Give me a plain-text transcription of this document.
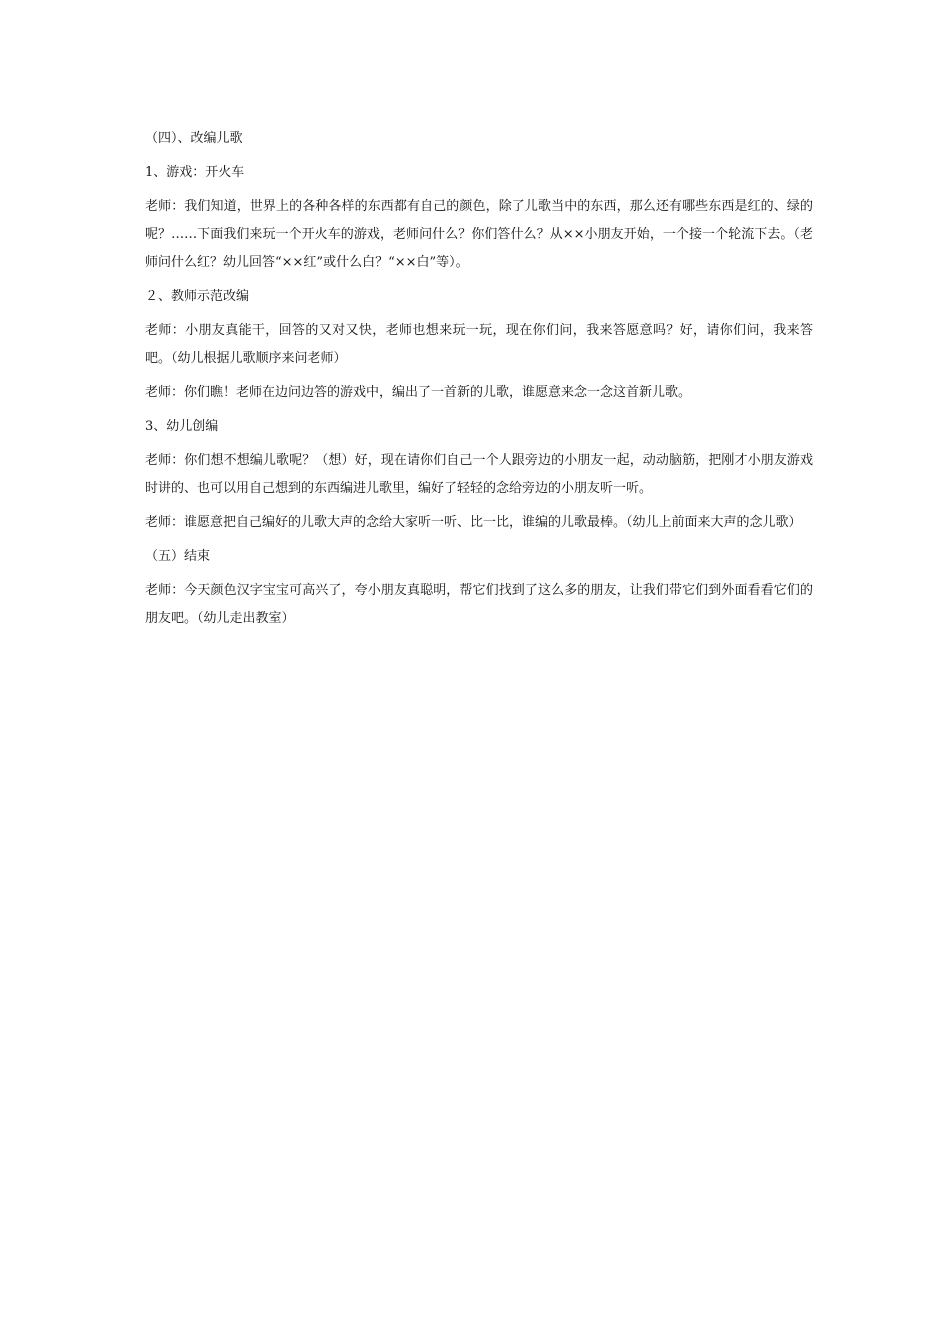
（四）、改编儿歌

1、游戏：开火车

老师：我们知道，世界上的各种各样的东西都有自己的颜色，除了儿歌当中的东西，那么还有哪些东西是红的、绿的呢？……下面我们来玩一个开火车的游戏，老师问什么？你们答什么？从××小朋友开始，一个接一个轮流下去。（老师问什么红？幼儿回答“××红”或什么白？“××白”等）。

２、教师示范改编

老师：小朋友真能干，回答的又对又快，老师也想来玩一玩，现在你们问，我来答愿意吗？好，请你们问，我来答吧。（幼儿根据儿歌顺序来问老师）

老师：你们瞧！老师在边问边答的游戏中，编出了一首新的儿歌，谁愿意来念一念这首新儿歌。

3、幼儿创编

老师：你们想不想编儿歌呢？（想）好，现在请你们自己一个人跟旁边的小朋友一起，动动脑筋，把刚才小朋友游戏时讲的、也可以用自己想到的东西编进儿歌里，编好了轻轻的念给旁边的小朋友听一听。

老师：谁愿意把自己编好的儿歌大声的念给大家听一听、比一比，谁编的儿歌最棒。（幼儿上前面来大声的念儿歌）

（五）结束

老师：今天颜色汉字宝宝可高兴了，夸小朋友真聪明，帮它们找到了这么多的朋友，让我们带它们到外面看看它们的朋友吧。（幼儿走出教室）
